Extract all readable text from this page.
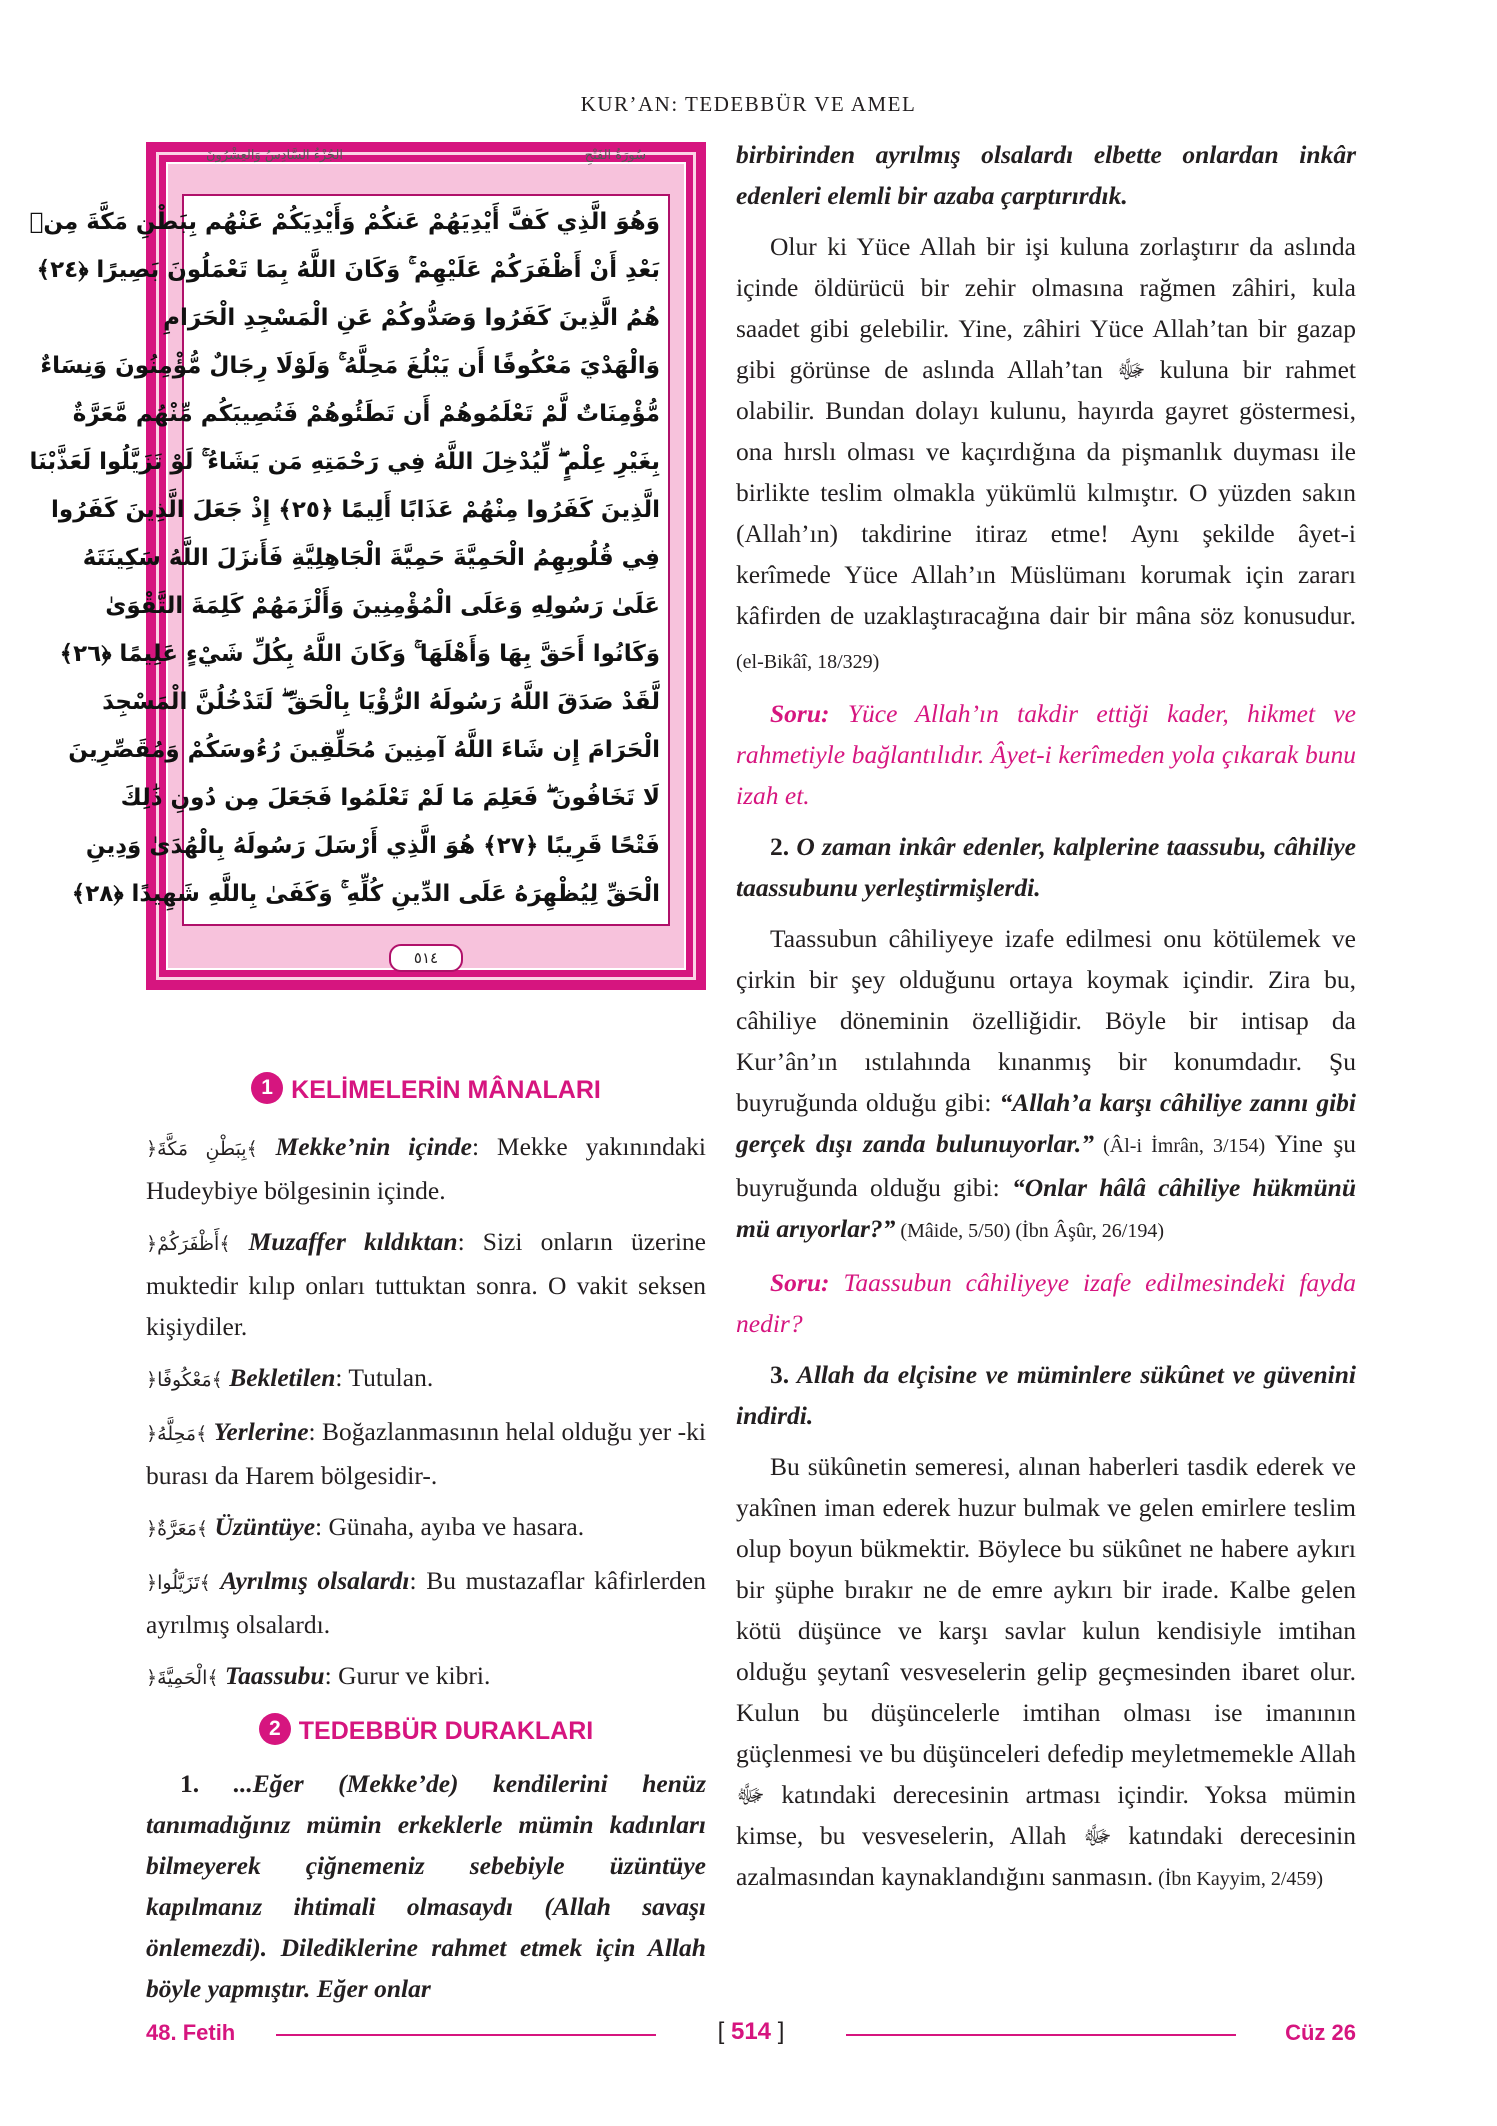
KUR’AN: TEDEBBÜR VE AMEL
سُورَةُ الفَتْحِ
الجُزْءُ السَّادِسُ وَالعِشْرُونَ
وَهُوَ الَّذِي كَفَّ أَيْدِيَهُمْ عَنكُمْ وَأَيْدِيَكُمْ عَنْهُم بِبَطْنِ مَكَّةَ مِنۢ
بَعْدِ أَنْ أَظْفَرَكُمْ عَلَيْهِمْ ۚ وَكَانَ اللَّهُ بِمَا تَعْمَلُونَ بَصِيرًا ﴿٢٤﴾
هُمُ الَّذِينَ كَفَرُوا وَصَدُّوكُمْ عَنِ الْمَسْجِدِ الْحَرَامِ
وَالْهَدْيَ مَعْكُوفًا أَن يَبْلُغَ مَحِلَّهُ ۚ وَلَوْلَا رِجَالٌ مُّؤْمِنُونَ وَنِسَاءٌ
مُّؤْمِنَاتٌ لَّمْ تَعْلَمُوهُمْ أَن تَطَئُوهُمْ فَتُصِيبَكُم مِّنْهُم مَّعَرَّةٌ
بِغَيْرِ عِلْمٍ ۖ لِّيُدْخِلَ اللَّهُ فِي رَحْمَتِهِ مَن يَشَاءُ ۚ لَوْ تَزَيَّلُوا لَعَذَّبْنَا
الَّذِينَ كَفَرُوا مِنْهُمْ عَذَابًا أَلِيمًا ﴿٢٥﴾ إِذْ جَعَلَ الَّذِينَ كَفَرُوا
فِي قُلُوبِهِمُ الْحَمِيَّةَ حَمِيَّةَ الْجَاهِلِيَّةِ فَأَنزَلَ اللَّهُ سَكِينَتَهُ
عَلَىٰ رَسُولِهِ وَعَلَى الْمُؤْمِنِينَ وَأَلْزَمَهُمْ كَلِمَةَ التَّقْوَىٰ
وَكَانُوا أَحَقَّ بِهَا وَأَهْلَهَا ۚ وَكَانَ اللَّهُ بِكُلِّ شَيْءٍ عَلِيمًا ﴿٢٦﴾
لَّقَدْ صَدَقَ اللَّهُ رَسُولَهُ الرُّؤْيَا بِالْحَقِّ ۖ لَتَدْخُلُنَّ الْمَسْجِدَ
الْحَرَامَ إِن شَاءَ اللَّهُ آمِنِينَ مُحَلِّقِينَ رُءُوسَكُمْ وَمُقَصِّرِينَ
لَا تَخَافُونَ ۖ فَعَلِمَ مَا لَمْ تَعْلَمُوا فَجَعَلَ مِن دُونِ ذَٰلِكَ
فَتْحًا قَرِيبًا ﴿٢٧﴾ هُوَ الَّذِي أَرْسَلَ رَسُولَهُ بِالْهُدَىٰ وَدِينِ
الْحَقِّ لِيُظْهِرَهُ عَلَى الدِّينِ كُلِّهِ ۚ وَكَفَىٰ بِاللَّهِ شَهِيدًا ﴿٢٨﴾
٥١٤
1 KELİMELERİN MÂNALARI

﴿بِبَطْنِ مَكَّةَ﴾ Mekke’nin içinde: Mekke yakınındaki Hudeybiye bölgesinin içinde.

﴿أَظْفَرَكُمْ﴾ Muzaffer kıldıktan: Sizi onların üzerine muktedir kılıp onları tuttuktan sonra. O vakit seksen kişiydiler.

﴿مَعْكُوفًا﴾ Bekletilen: Tutulan.

﴿مَحِلَّهُ﴾ Yerlerine: Boğazlanmasının helal olduğu yer -ki burası da Harem bölgesidir-.

﴿مَعَرَّةٌ﴾ Üzüntüye: Günaha, ayıba ve hasara.

﴿تَزَيَّلُوا﴾ Ayrılmış olsalardı: Bu mustazaflar kâfirlerden ayrılmış olsalardı.

﴿الْحَمِيَّةَ﴾ Taassubu: Gurur ve kibri.

2 TEDEBBÜR DURAKLARI

1. ...Eğer (Mekke’de) kendilerini henüz tanımadığınız mümin erkeklerle mümin kadınları bilmeyerek çiğnemeniz sebebiyle üzüntüye kapılmanız ihtimali olmasaydı (Allah savaşı önlemezdi). Dilediklerine rahmet etmek için Allah böyle yapmıştır. Eğer onlar

birbirinden ayrılmış olsalardı elbette onlardan inkâr edenleri elemli bir azaba çarptırırdık.

Olur ki Yüce Allah bir işi kuluna zorlaştırır da aslında içinde öldürücü bir zehir olmasına rağmen zâhiri, kula saadet gibi gelebilir. Yine, zâhiri Yüce Allah’tan bir gazap gibi görünse de aslında Allah’tan ﷻ kuluna bir rahmet olabilir. Bundan dolayı kulunu, hayırda gayret göstermesi, ona hırslı olması ve kaçırdığına da pişmanlık duyması ile birlikte teslim olmakla yükümlü kılmıştır. O yüzden sakın (Allah’ın) takdirine itiraz etme! Aynı şekilde âyet-i kerîmede Yüce Allah’ın Müslümanı korumak için zararı kâfirden de uzaklaştıracağına dair bir mâna söz konusudur. (el-Bikâî, 18/329)

Soru: Yüce Allah’ın takdir ettiği kader, hikmet ve rahmetiyle bağlantılıdır. Âyet-i kerîmeden yola çıkarak bunu izah et.

2. O zaman inkâr edenler, kalplerine taassubu, câhiliye taassubunu yerleştirmişlerdi.

Taassubun câhiliyeye izafe edilmesi onu kötülemek ve çirkin bir şey olduğunu ortaya koymak içindir. Zira bu, câhiliye döneminin özelliğidir. Böyle bir intisap da Kur’ân’ın ıstılahında kınanmış bir konumdadır. Şu buyruğunda olduğu gibi: “Allah’a karşı câhiliye zannı gibi gerçek dışı zanda bulunuyorlar.” (Âl-i İmrân, 3/154) Yine şu buyruğunda olduğu gibi: “Onlar hâlâ câhiliye hükmünü mü arıyorlar?” (Mâide, 5/50) (İbn Âşûr, 26/194)

Soru: Taassubun câhiliyeye izafe edilmesindeki fayda nedir?

3. Allah da elçisine ve müminlere sükûnet ve güvenini indirdi.

Bu sükûnetin semeresi, alınan haberleri tasdik ederek ve yakînen iman ederek huzur bulmak ve gelen emirlere teslim olup boyun bükmektir. Böylece bu sükûnet ne habere aykırı bir şüphe bırakır ne de emre aykırı bir irade. Kalbe gelen kötü düşünce ve karşı savlar kulun kendisiyle imtihan olduğu şeytanî vesveselerin gelip geçmesinden ibaret olur. Kulun bu düşüncelerle imtihan olması ise imanının güçlenmesi ve bu düşünceleri defedip meyletmemekle Allah ﷻ katındaki derecesinin artması içindir. Yoksa mümin kimse, bu vesveselerin, Allah ﷻ katındaki derecesinin azalmasından kaynaklandığını sanmasın. (İbn Kayyim, 2/459)

48. Fetih	[ 514 ]	Cüz 26
